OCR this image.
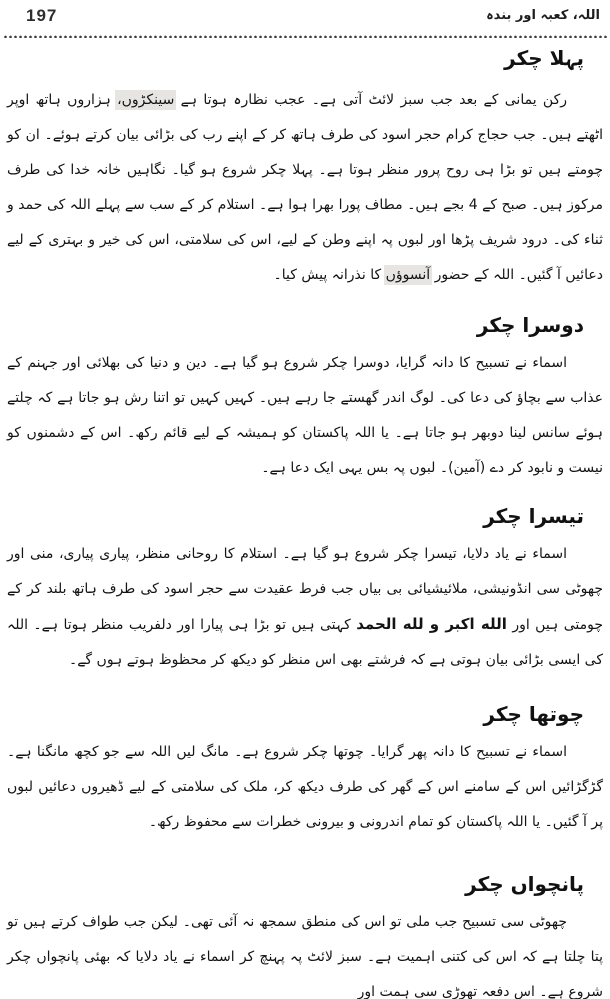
197	اللہ، کعبہ اور بندہ
پہلا چکر

رکن یمانی کے بعد جب سبز لائٹ آتی ہے۔ عجب نظارہ ہوتا ہے سینکڑوں، ہزاروں ہاتھ اوپر اٹھتے ہیں۔ جب حجاج کرام حجر اسود کی طرف ہاتھ کر کے اپنے رب کی بڑائی بیان کرتے ہوئے۔ ان کو چومتے ہیں تو بڑا ہی روح پرور منظر ہوتا ہے۔ پہلا چکر شروع ہو گیا۔ نگاہیں خانہ خدا کی طرف مرکوز ہیں۔ صبح کے 4 بجے ہیں۔ مطاف پورا بھرا ہوا ہے۔ استلام کر کے سب سے پہلے اللہ کی حمد و ثناء کی۔ درود شریف پڑھا اور لبوں پہ اپنے وطن کے لیے، اس کی سلامتی، اس کی خیر و بہتری کے لیے دعائیں آ گئیں۔ اللہ کے حضور آنسوؤں کا نذرانہ پیش کیا۔

دوسرا چکر

اسماء نے تسبیح کا دانہ گرایا، دوسرا چکر شروع ہو گیا ہے۔ دین و دنیا کی بھلائی اور جہنم کے عذاب سے بچاؤ کی دعا کی۔ لوگ اندر گھستے جا رہے ہیں۔ کہیں کہیں تو اتنا رش ہو جاتا ہے کہ چلتے ہوئے سانس لینا دوبھر ہو جاتا ہے۔ یا اللہ پاکستان کو ہمیشہ کے لیے قائم رکھ۔ اس کے دشمنوں کو نیست و نابود کر دے (آمین)۔ لبوں پہ بس یہی ایک دعا ہے۔

تیسرا چکر

اسماء نے یاد دلایا، تیسرا چکر شروع ہو گیا ہے۔ استلام کا روحانی منظر، پیاری پیاری، منی اور چھوٹی سی انڈونیشی، ملائیشیائی بی بیاں جب فرط عقیدت سے حجر اسود کی طرف ہاتھ بلند کر کے چومتی ہیں اور الله اكبر و لله الحمد کہتی ہیں تو بڑا ہی پیارا اور دلفریب منظر ہوتا ہے۔ اللہ کی ایسی بڑائی بیان ہوتی ہے کہ فرشتے بھی اس منظر کو دیکھ کر محظوظ ہوتے ہوں گے۔

چوتھا چکر

اسماء نے تسبیح کا دانہ پھر گرایا۔ چوتھا چکر شروع ہے۔ مانگ لیں اللہ سے جو کچھ مانگنا ہے۔ گڑگڑائیں اس کے سامنے اس کے گھر کی طرف دیکھ کر، ملک کی سلامتی کے لیے ڈھیروں دعائیں لبوں پر آ گئیں۔ یا اللہ پاکستان کو تمام اندرونی و بیرونی خطرات سے محفوظ رکھ۔

پانچواں چکر

چھوٹی سی تسبیح جب ملی تو اس کی منطق سمجھ نہ آئی تھی۔ لیکن جب طواف کرتے ہیں تو پتا چلتا ہے کہ اس کی کتنی اہمیت ہے۔ سبز لائٹ پہ پہنچ کر اسماء نے یاد دلایا کہ بھئی پانچواں چکر شروع ہے۔ اس دفعہ تھوڑی سی ہمت اور
